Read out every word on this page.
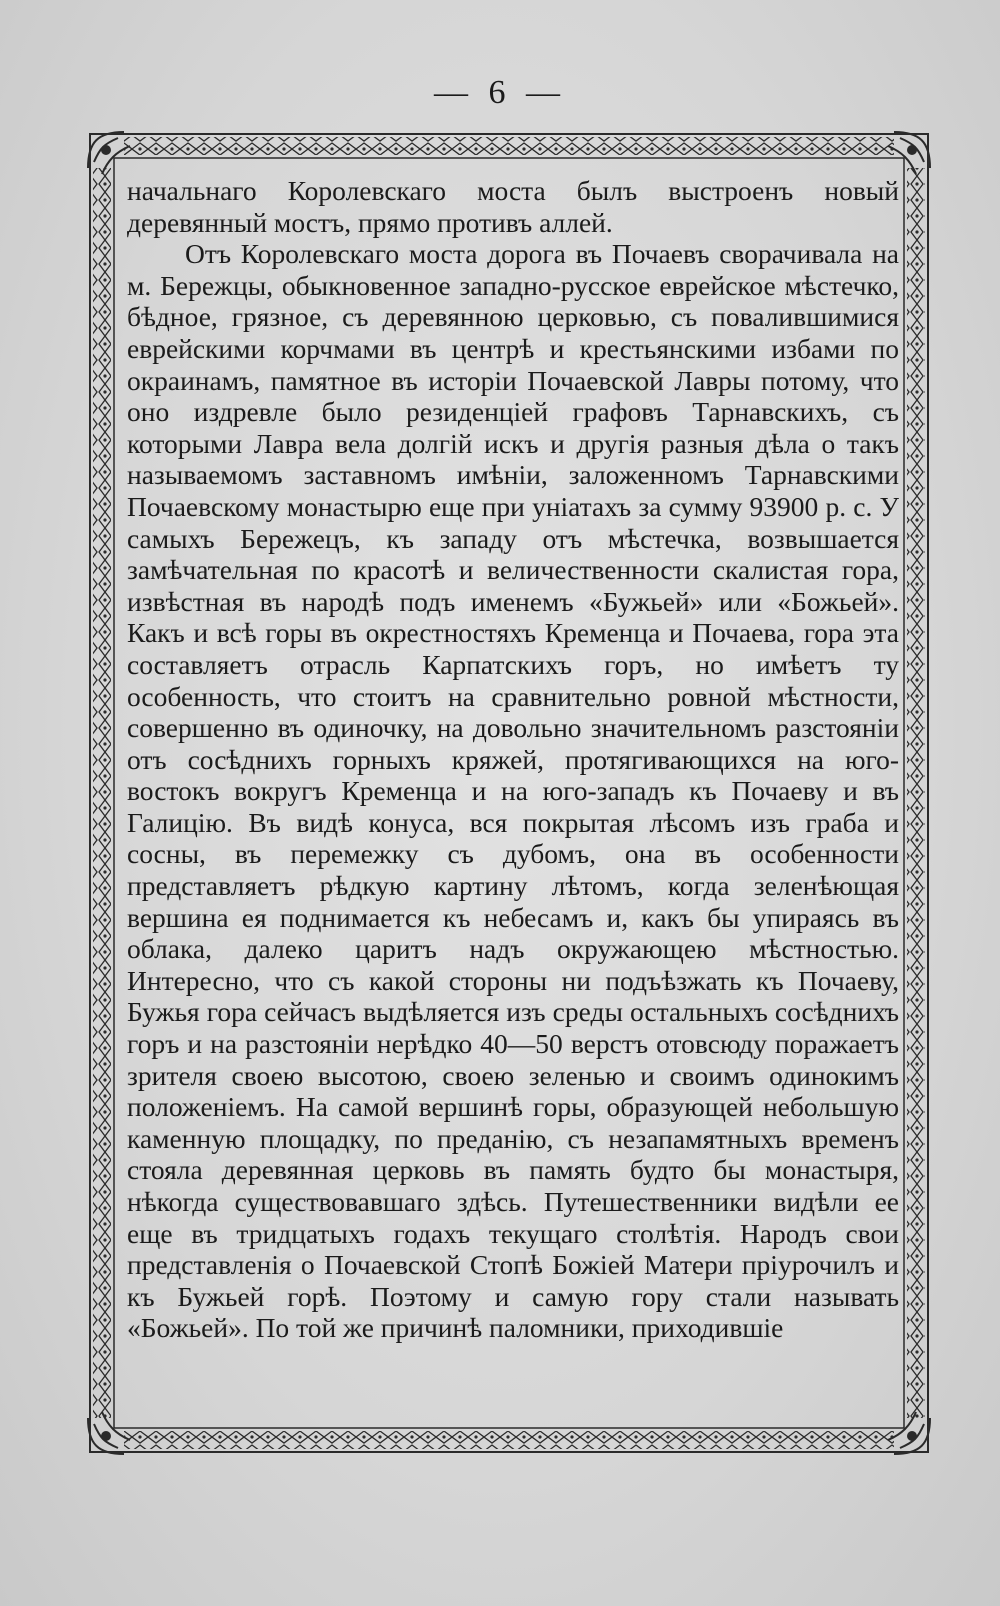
— 6 —

начальнаго Королевскаго моста былъ выстроенъ новый деревянный мостъ, прямо противъ аллей.

Отъ Королевскаго моста дорога въ Почаевъ сворачивала на м. Бережцы, обыкновенное западно-русское еврейское мѣстечко, бѣдное, грязное, съ деревянною церковью, съ повалившимися еврейскими корчмами въ центрѣ и крестьянскими избами по окраинамъ, памятное въ исторіи Почаевской Лавры потому, что оно издревле было резиденціей графовъ Тарнавскихъ, съ которыми Лавра вела долгій искъ и другія разныя дѣла о такъ называемомъ заставномъ имѣніи, заложенномъ Тарнавскими Почаевскому монастырю еще при уніатахъ за сумму 93900 р. с. У самыхъ Бережецъ, къ западу отъ мѣстечка, возвышается замѣчательная по красотѣ и величественности скалистая гора, извѣстная въ народѣ подъ именемъ «Бужьей» или «Божьей». Какъ и всѣ горы въ окрестностяхъ Кременца и Почаева, гора эта составляетъ отрасль Карпатскихъ горъ, но имѣетъ ту особенность, что стоитъ на сравнительно ровной мѣстности, совершенно въ одиночку, на довольно значительномъ разстояніи отъ сосѣднихъ горныхъ кряжей, протягивающихся на юго-востокъ вокругъ Кременца и на юго-западъ къ Почаеву и въ Галицію. Въ видѣ конуса, вся покрытая лѣсомъ изъ граба и сосны, въ перемежку съ дубомъ, она въ особенности представляетъ рѣдкую картину лѣтомъ, когда зеленѣющая вершина ея поднимается къ небесамъ и, какъ бы упираясь въ облака, далеко царитъ надъ окружающею мѣстностью. Интересно, что съ какой стороны ни подъѣзжать къ Почаеву, Бужья гора сейчасъ выдѣляется изъ среды остальныхъ сосѣднихъ горъ и на разстояніи нерѣдко 40—50 верстъ отовсюду поражаетъ зрителя своею высотою, своею зеленью и своимъ одинокимъ положеніемъ. На самой вершинѣ горы, образующей небольшую каменную площадку, по преданію, съ незапамятныхъ временъ стояла деревянная церковь въ память будто бы монастыря, нѣкогда существовавшаго здѣсь. Путешественники видѣли ее еще въ тридцатыхъ годахъ текущаго столѣтія. Народъ свои представленія о Почаевской Стопѣ Божіей Матери пріурочилъ и къ Бужьей горѣ. Поэтому и самую гору стали называть «Божьей». По той же причинѣ паломники, приходившіе
